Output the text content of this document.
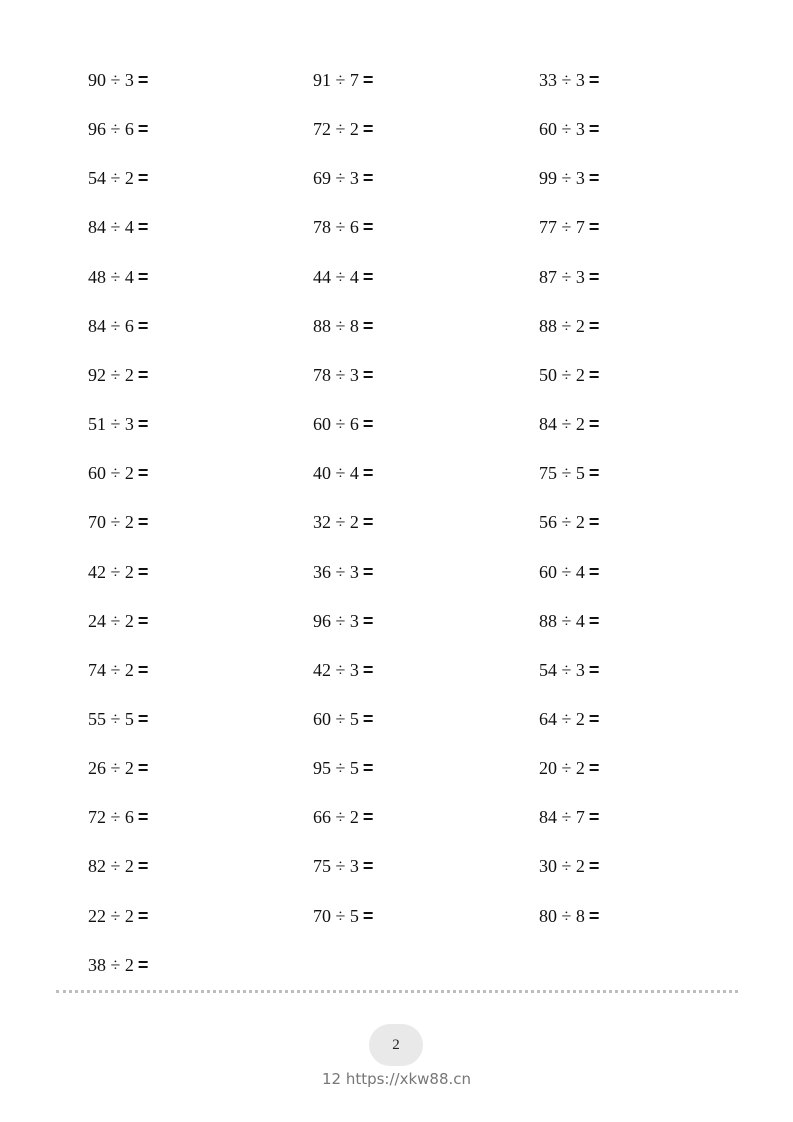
90 ÷ 3 =	91 ÷ 7 =	33 ÷ 3 =
96 ÷ 6 =	72 ÷ 2 =	60 ÷ 3 =
54 ÷ 2 =	69 ÷ 3 =	99 ÷ 3 =
84 ÷ 4 =	78 ÷ 6 =	77 ÷ 7 =
48 ÷ 4 =	44 ÷ 4 =	87 ÷ 3 =
84 ÷ 6 =	88 ÷ 8 =	88 ÷ 2 =
92 ÷ 2 =	78 ÷ 3 =	50 ÷ 2 =
51 ÷ 3 =	60 ÷ 6 =	84 ÷ 2 =
60 ÷ 2 =	40 ÷ 4 =	75 ÷ 5 =
70 ÷ 2 =	32 ÷ 2 =	56 ÷ 2 =
42 ÷ 2 =	36 ÷ 3 =	60 ÷ 4 =
24 ÷ 2 =	96 ÷ 3 =	88 ÷ 4 =
74 ÷ 2 =	42 ÷ 3 =	54 ÷ 3 =
55 ÷ 5 =	60 ÷ 5 =	64 ÷ 2 =
26 ÷ 2 =	95 ÷ 5 =	20 ÷ 2 =
72 ÷ 6 =	66 ÷ 2 =	84 ÷ 7 =
82 ÷ 2 =	75 ÷ 3 =	30 ÷ 2 =
22 ÷ 2 =	70 ÷ 5 =	80 ÷ 8 =
38 ÷ 2 =
2
12 https://xkw88.cn
